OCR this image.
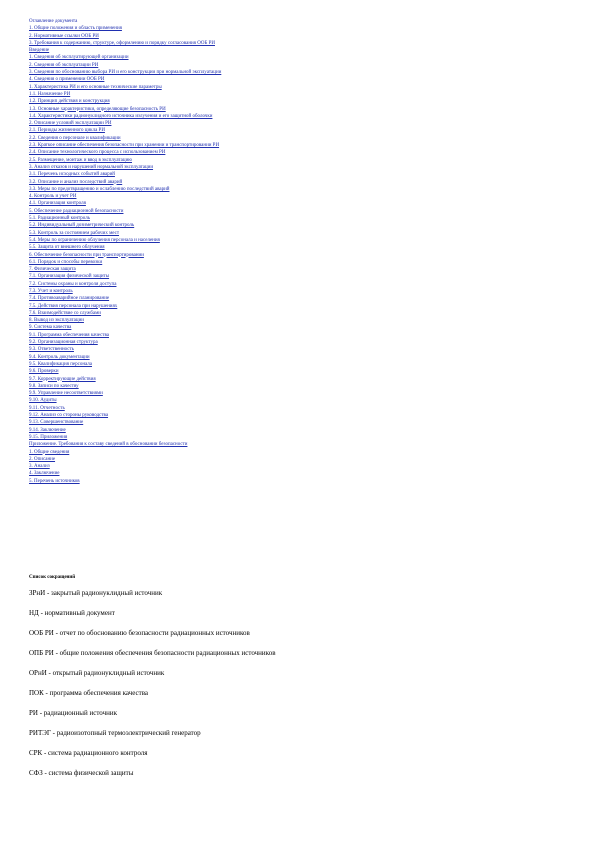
Оглавление документа
1. Общие положения и область применения
2. Нормативные ссылки ООБ РИ
3. Требования к содержанию, структуре, оформлению и порядку согласования ООБ РИ
Введение
1. Сведения об эксплуатирующей организации
2. Сведения об эксплуатации РИ
3. Сведения по обоснованию выбора РИ и его конструкции при нормальной эксплуатации
4. Сведения о применении ООБ РИ
1. Характеристика РИ и его основные технические параметры
1.1. Назначение РИ
1.2. Принцип действия и конструкция
1.3. Основные характеристики, определяющие безопасность РИ
1.4. Характеристики радионуклидного источника излучения и его защитной оболочки
2. Описание условий эксплуатации РИ
2.1. Периоды жизненного цикла РИ
2.2. Сведения о персонале и квалификации
2.3. Краткое описание обеспечения безопасности при хранении и транспортировании РИ
2.4. Описание технологического процесса с использованием РИ
2.5. Размещение, монтаж и ввод в эксплуатацию
3. Анализ отказов и нарушений нормальной эксплуатации
3.1. Перечень исходных событий аварий
3.2. Описание и анализ последствий аварий
3.3. Меры по предотвращению и ослаблению последствий аварий
4. Контроль и учет РИ
4.1. Организация контроля
5. Обеспечение радиационной безопасности
5.1. Радиационный контроль
5.2. Индивидуальный дозиметрический контроль
5.3. Контроль за состоянием рабочих мест
5.4. Меры по ограничению облучения персонала и населения
5.5. Защита от внешнего облучения
6. Обеспечение безопасности при транспортировании
6.1. Порядок и способы перевозки
7. Физическая защита
7.1. Организация физической защиты
7.2. Системы охраны и контроля доступа
7.3. Учет и контроль
7.4. Противоаварийное планирование
7.5. Действия персонала при нарушениях
7.6. Взаимодействие со службами
8. Вывод из эксплуатации
9. Система качества
9.1. Программа обеспечения качества
9.2. Организационная структура
9.3. Ответственность
9.4. Контроль документации
9.5. Квалификация персонала
9.6. Проверки
9.7. Корректирующие действия
9.8. Записи по качеству
9.9. Управление несоответствиями
9.10. Аудиты
9.11. Отчетность
9.12. Анализ со стороны руководства
9.13. Совершенствование
9.14. Заключение
9.15. Приложения
Приложение. Требования к составу сведений в обосновании безопасности
1. Общие сведения
2. Описание
3. Анализ
4. Заключение
5. Перечень источников
Список сокращений
ЗРнИ - закрытый радионуклидный источник
НД - нормативный документ
ООБ РИ - отчет по обоснованию безопасности радиационных источников
ОПБ РИ - общие положения обеспечения безопасности радиационных источников
ОРнИ - открытый радионуклидный источник
ПОК - программа обеспечения качества
РИ - радиационный источник
РИТЭГ - радиоизотопный термоэлектрический генератор
СРК - система радиационного контроля
СФЗ - система физической защиты
